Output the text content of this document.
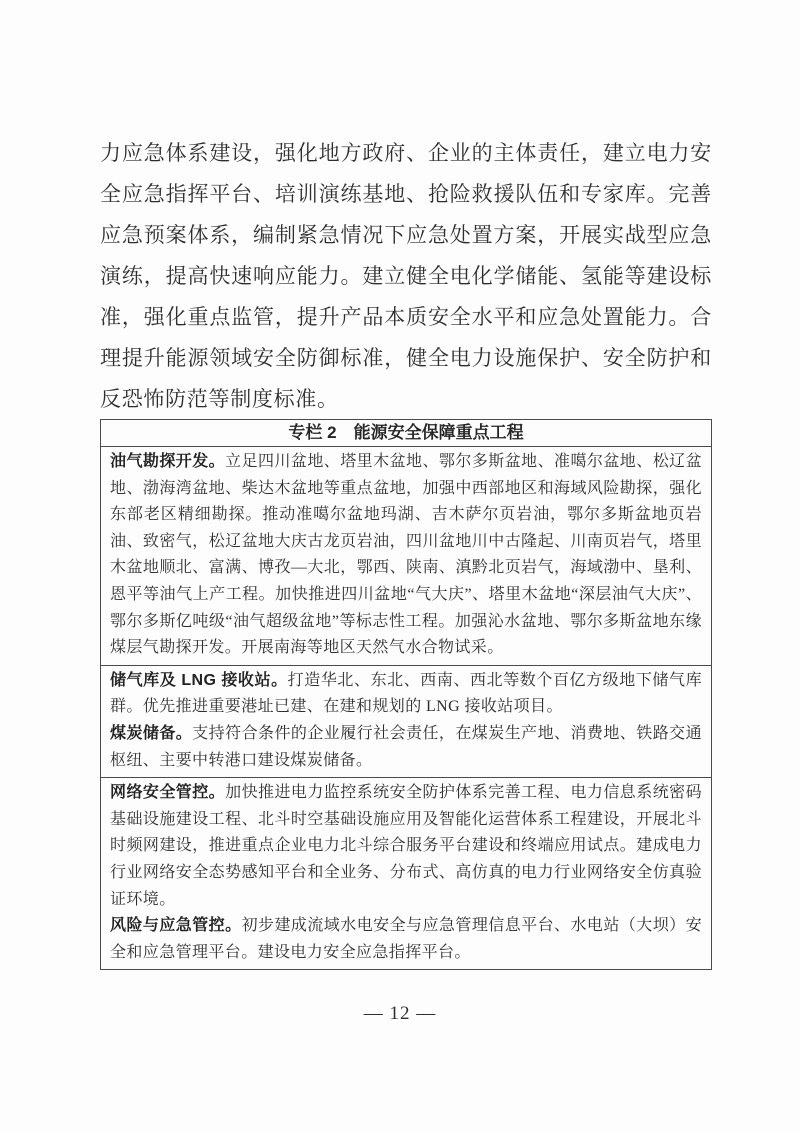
力应急体系建设，强化地方政府、企业的主体责任，建立电力安全应急指挥平台、培训演练基地、抢险救援队伍和专家库。完善应急预案体系，编制紧急情况下应急处置方案，开展实战型应急演练，提高快速响应能力。建立健全电化学储能、氢能等建设标准，强化重点监管，提升产品本质安全水平和应急处置能力。合理提升能源领域安全防御标准，健全电力设施保护、安全防护和反恐怖防范等制度标准。

专栏 2　能源安全保障重点工程

油气勘探开发。立足四川盆地、塔里木盆地、鄂尔多斯盆地、准噶尔盆地、松辽盆地、渤海湾盆地、柴达木盆地等重点盆地，加强中西部地区和海域风险勘探，强化东部老区精细勘探。推动准噶尔盆地玛湖、吉木萨尔页岩油，鄂尔多斯盆地页岩油、致密气，松辽盆地大庆古龙页岩油，四川盆地川中古隆起、川南页岩气，塔里木盆地顺北、富满、博孜—大北，鄂西、陕南、滇黔北页岩气，海域渤中、垦利、恩平等油气上产工程。加快推进四川盆地“气大庆”、塔里木盆地“深层油气大庆”、鄂尔多斯亿吨级“油气超级盆地”等标志性工程。加强沁水盆地、鄂尔多斯盆地东缘煤层气勘探开发。开展南海等地区天然气水合物试采。

储气库及 LNG 接收站。打造华北、东北、西南、西北等数个百亿方级地下储气库群。优先推进重要港址已建、在建和规划的 LNG 接收站项目。

煤炭储备。支持符合条件的企业履行社会责任，在煤炭生产地、消费地、铁路交通枢纽、主要中转港口建设煤炭储备。

网络安全管控。加快推进电力监控系统安全防护体系完善工程、电力信息系统密码基础设施建设工程、北斗时空基础设施应用及智能化运营体系工程建设，开展北斗时频网建设，推进重点企业电力北斗综合服务平台建设和终端应用试点。建成电力行业网络安全态势感知平台和全业务、分布式、高仿真的电力行业网络安全仿真验证环境。

风险与应急管控。初步建成流域水电安全与应急管理信息平台、水电站（大坝）安全和应急管理平台。建设电力安全应急指挥平台。

— 12 —
